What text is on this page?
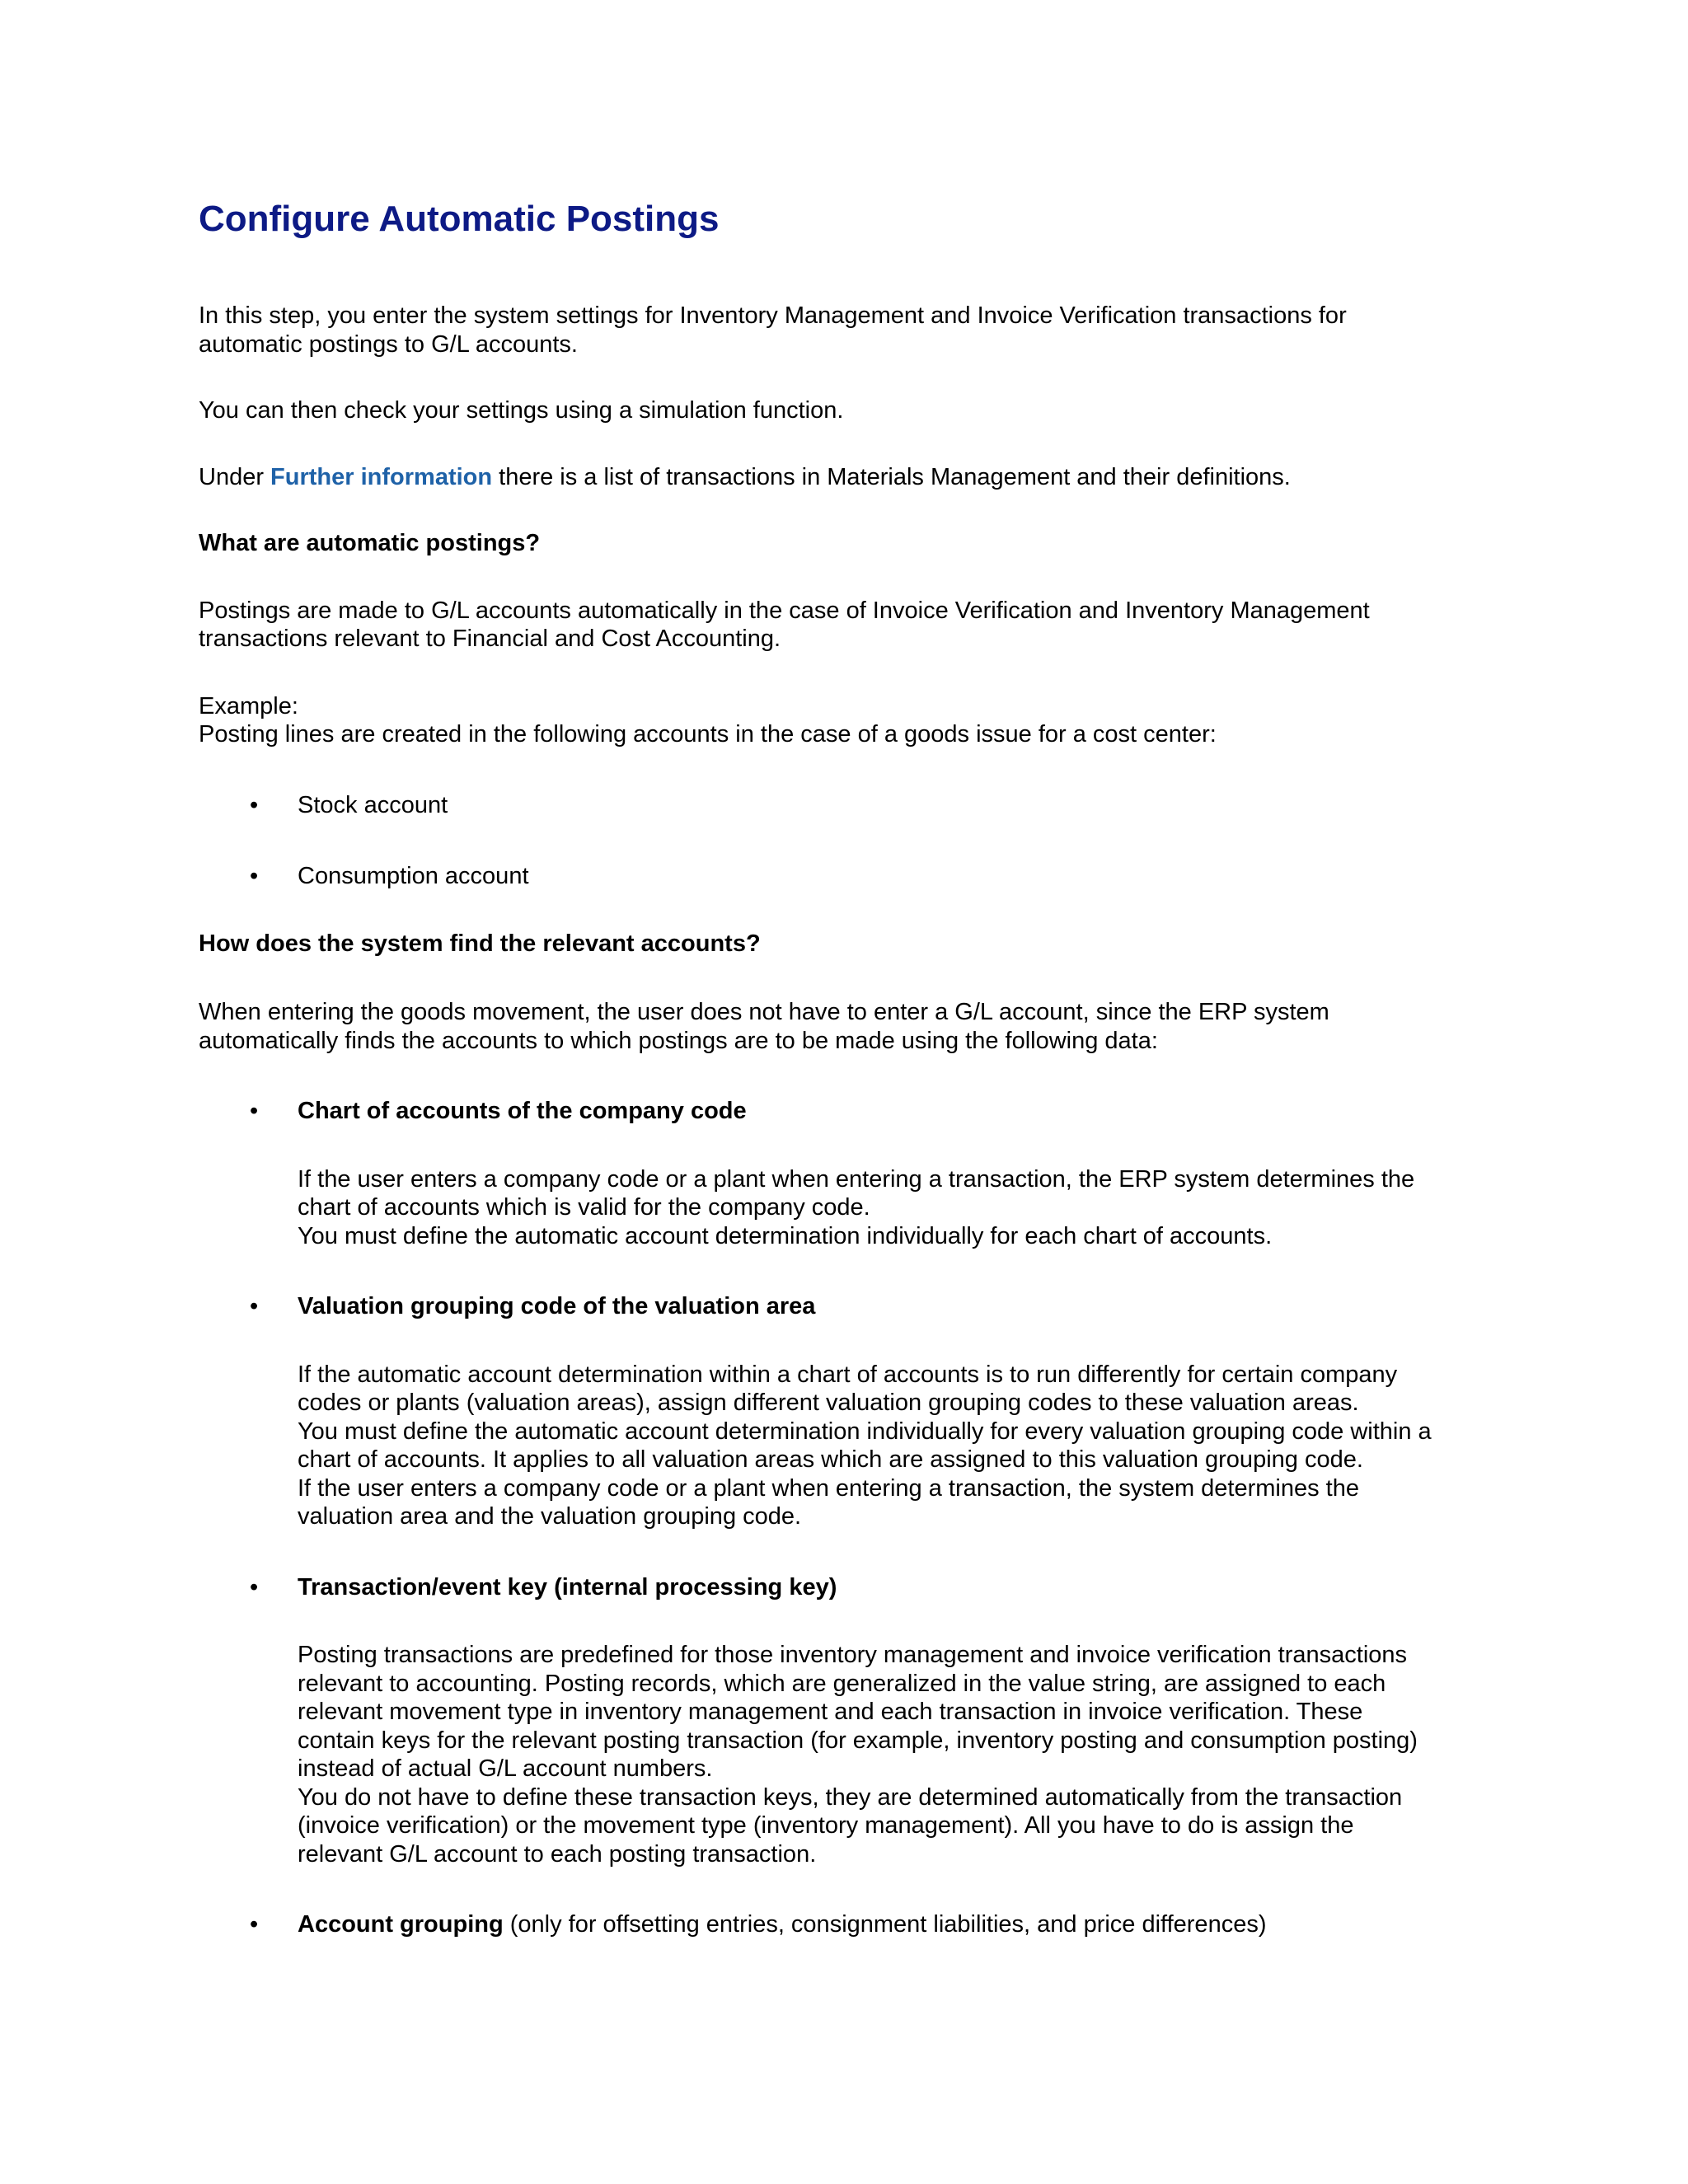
Configure Automatic Postings

In this step, you enter the system settings for Inventory Management and Invoice Verification transactions for
automatic postings to G/L accounts.

You can then check your settings using a simulation function.

Under Further information there is a list of transactions in Materials Management and their definitions.

What are automatic postings?

Postings are made to G/L accounts automatically in the case of Invoice Verification and Inventory Management
transactions relevant to Financial and Cost Accounting.

Example:
Posting lines are created in the following accounts in the case of a goods issue for a cost center:

• Stock account
• Consumption account

How does the system find the relevant accounts?

When entering the goods movement, the user does not have to enter a G/L account, since the ERP system
automatically finds the accounts to which postings are to be made using the following data:

• Chart of accounts of the company code
If the user enters a company code or a plant when entering a transaction, the ERP system determines the
chart of accounts which is valid for the company code.
You must define the automatic account determination individually for each chart of accounts.
• Valuation grouping code of the valuation area
If the automatic account determination within a chart of accounts is to run differently for certain company
codes or plants (valuation areas), assign different valuation grouping codes to these valuation areas.
You must define the automatic account determination individually for every valuation grouping code within a
chart of accounts. It applies to all valuation areas which are assigned to this valuation grouping code.
If the user enters a company code or a plant when entering a transaction, the system determines the
valuation area and the valuation grouping code.
• Transaction/event key (internal processing key)
Posting transactions are predefined for those inventory management and invoice verification transactions
relevant to accounting. Posting records, which are generalized in the value string, are assigned to each
relevant movement type in inventory management and each transaction in invoice verification. These
contain keys for the relevant posting transaction (for example, inventory posting and consumption posting)
instead of actual G/L account numbers.
You do not have to define these transaction keys, they are determined automatically from the transaction
(invoice verification) or the movement type (inventory management). All you have to do is assign the
relevant G/L account to each posting transaction.
• Account grouping (only for offsetting entries, consignment liabilities, and price differences)
